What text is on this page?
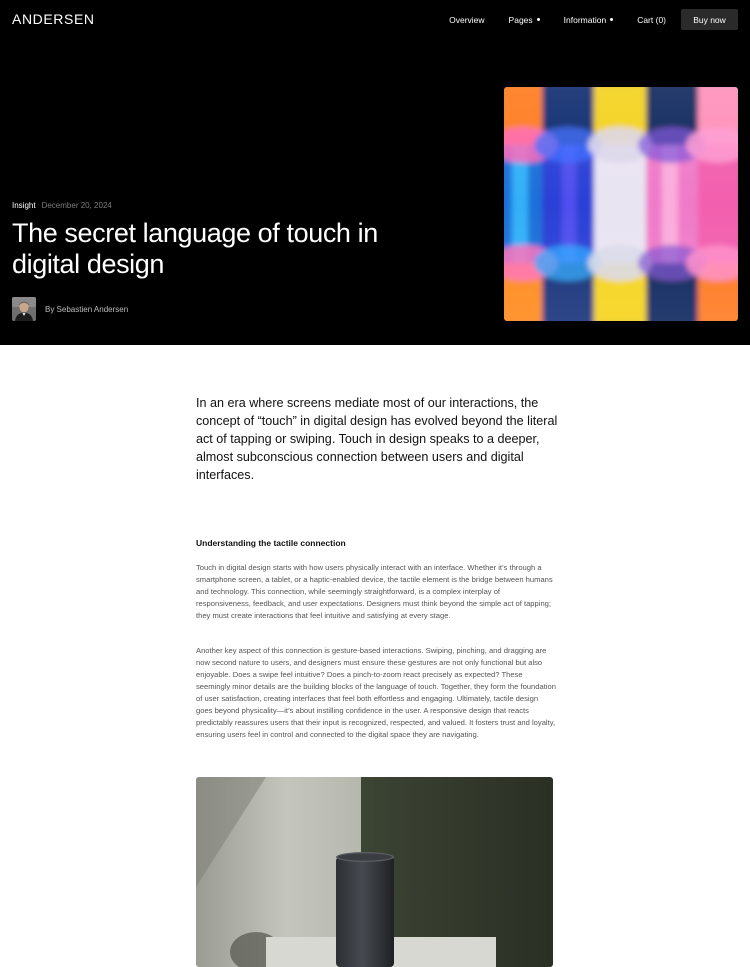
ANDERSEN	Overview	Pages	Information	Cart (0)	Buy now
Insight December 20, 2024
The secret language of touch in digital design
By Sebastien Andersen

In an era where screens mediate most of our interactions, the concept of “touch” in digital design has evolved beyond the literal act of tapping or swiping. Touch in design speaks to a deeper, almost subconscious connection between users and digital interfaces.

Understanding the tactile connection

Touch in digital design starts with how users physically interact with an interface. Whether it’s through a smartphone screen, a tablet, or a haptic-enabled device, the tactile element is the bridge between humans and technology. This connection, while seemingly straightforward, is a complex interplay of responsiveness, feedback, and user expectations. Designers must think beyond the simple act of tapping; they must create interactions that feel intuitive and satisfying at every stage.

Another key aspect of this connection is gesture-based interactions. Swiping, pinching, and dragging are now second nature to users, and designers must ensure these gestures are not only functional but also enjoyable. Does a swipe feel intuitive? Does a pinch-to-zoom react precisely as expected? These seemingly minor details are the building blocks of the language of touch. Together, they form the foundation of user satisfaction, creating interfaces that feel both effortless and engaging. Ultimately, tactile design goes beyond physicality—it’s about instilling confidence in the user. A responsive design that reacts predictably reassures users that their input is recognized, respected, and valued. It fosters trust and loyalty, ensuring users feel in control and connected to the digital space they are navigating.
